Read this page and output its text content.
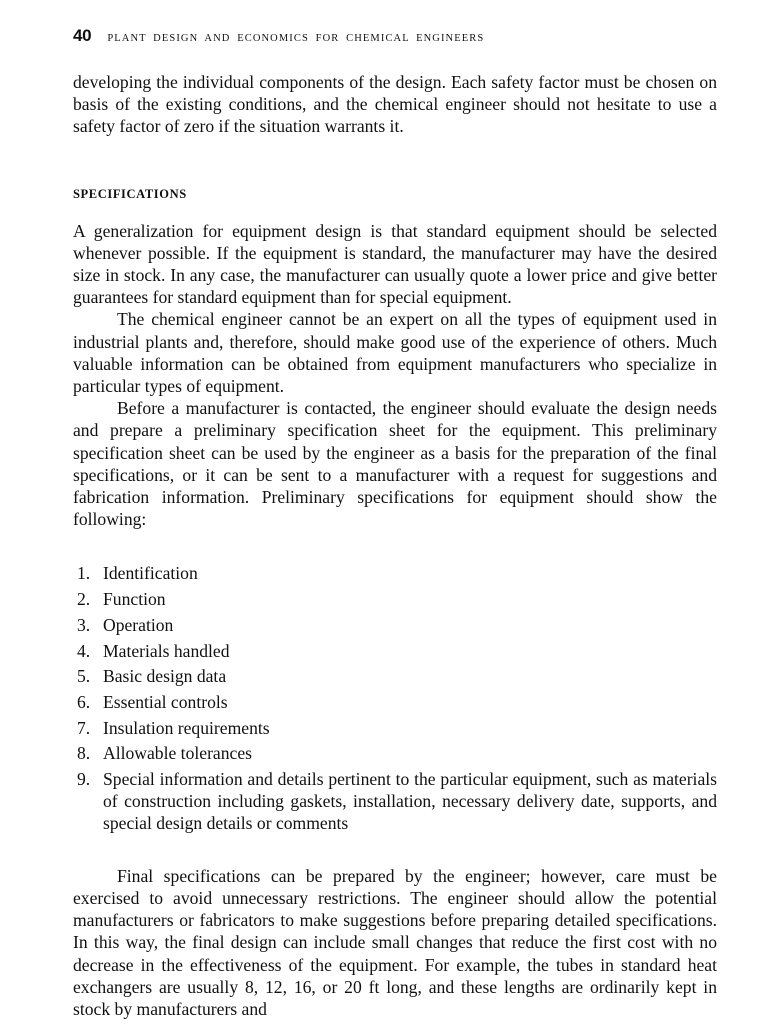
40 PLANT DESIGN AND ECONOMICS FOR CHEMICAL ENGINEERS

developing the individual components of the design. Each safety factor must be chosen on basis of the existing conditions, and the chemical engineer should not hesitate to use a safety factor of zero if the situation warrants it.

SPECIFICATIONS

A generalization for equipment design is that standard equipment should be selected whenever possible. If the equipment is standard, the manufacturer may have the desired size in stock. In any case, the manufacturer can usually quote a lower price and give better guarantees for standard equipment than for special equipment.

The chemical engineer cannot be an expert on all the types of equipment used in industrial plants and, therefore, should make good use of the experience of others. Much valuable information can be obtained from equipment manufacturers who specialize in particular types of equipment.

Before a manufacturer is contacted, the engineer should evaluate the design needs and prepare a preliminary specification sheet for the equipment. This preliminary specification sheet can be used by the engineer as a basis for the preparation of the final specifications, or it can be sent to a manufacturer with a request for suggestions and fabrication information. Preliminary specifications for equipment should show the following:

1. Identification
2. Function
3. Operation
4. Materials handled
5. Basic design data
6. Essential controls
7. Insulation requirements
8. Allowable tolerances
9. Special information and details pertinent to the particular equipment, such as materials of construction including gaskets, installation, necessary delivery date, supports, and special design details or comments

Final specifications can be prepared by the engineer; however, care must be exercised to avoid unnecessary restrictions. The engineer should allow the potential manufacturers or fabricators to make suggestions before preparing detailed specifications. In this way, the final design can include small changes that reduce the first cost with no decrease in the effectiveness of the equipment. For example, the tubes in standard heat exchangers are usually 8, 12, 16, or 20 ft long, and these lengths are ordinarily kept in stock by manufacturers and
